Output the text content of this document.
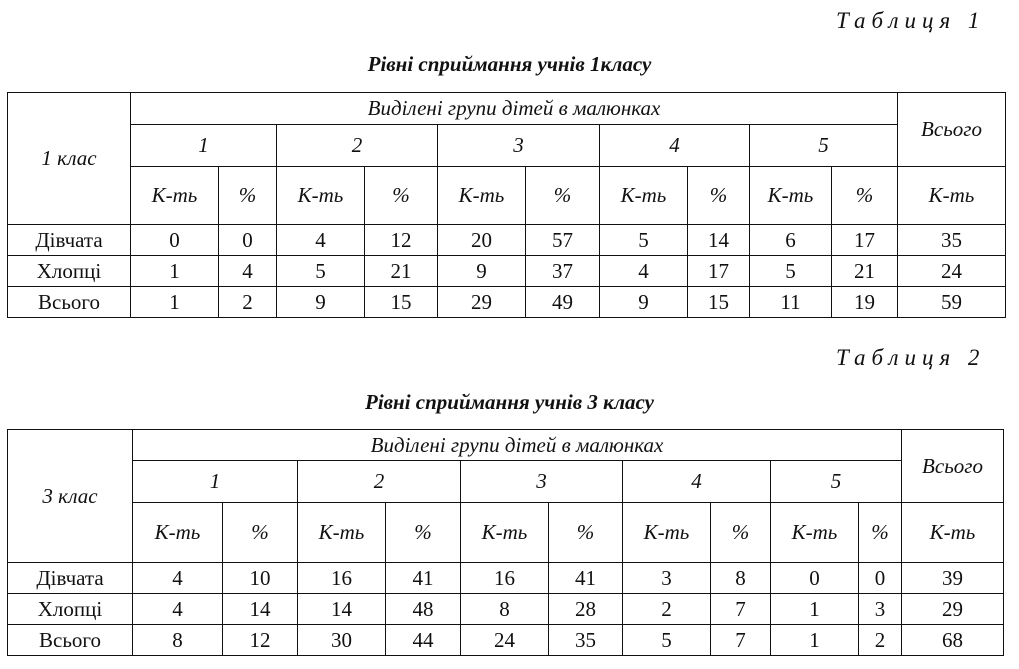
Таблиця 1
Рівні сприймання учнів 1класу
1 клас	Виділені групи дітей в малюнках										Всього
	1		2		3		4		5		
	К-ть	%	К-ть	%	К-ть	%	К-ть	%	К-ть	%	К-ть
Дівчата	0	0	4	12	20	57	5	14	6	17	35
Хлопці	1	4	5	21	9	37	4	17	5	21	24
Всього	1	2	9	15	29	49	9	15	11	19	59
Таблиця 2
Рівні сприймання учнів 3 класу
3 клас	Виділені групи дітей в малюнках										Всього
	1		2		3		4		5		
	К-ть	%	К-ть	%	К-ть	%	К-ть	%	К-ть	%	К-ть
Дівчата	4	10	16	41	16	41	3	8	0	0	39
Хлопці	4	14	14	48	8	28	2	7	1	3	29
Всього	8	12	30	44	24	35	5	7	1	2	68
